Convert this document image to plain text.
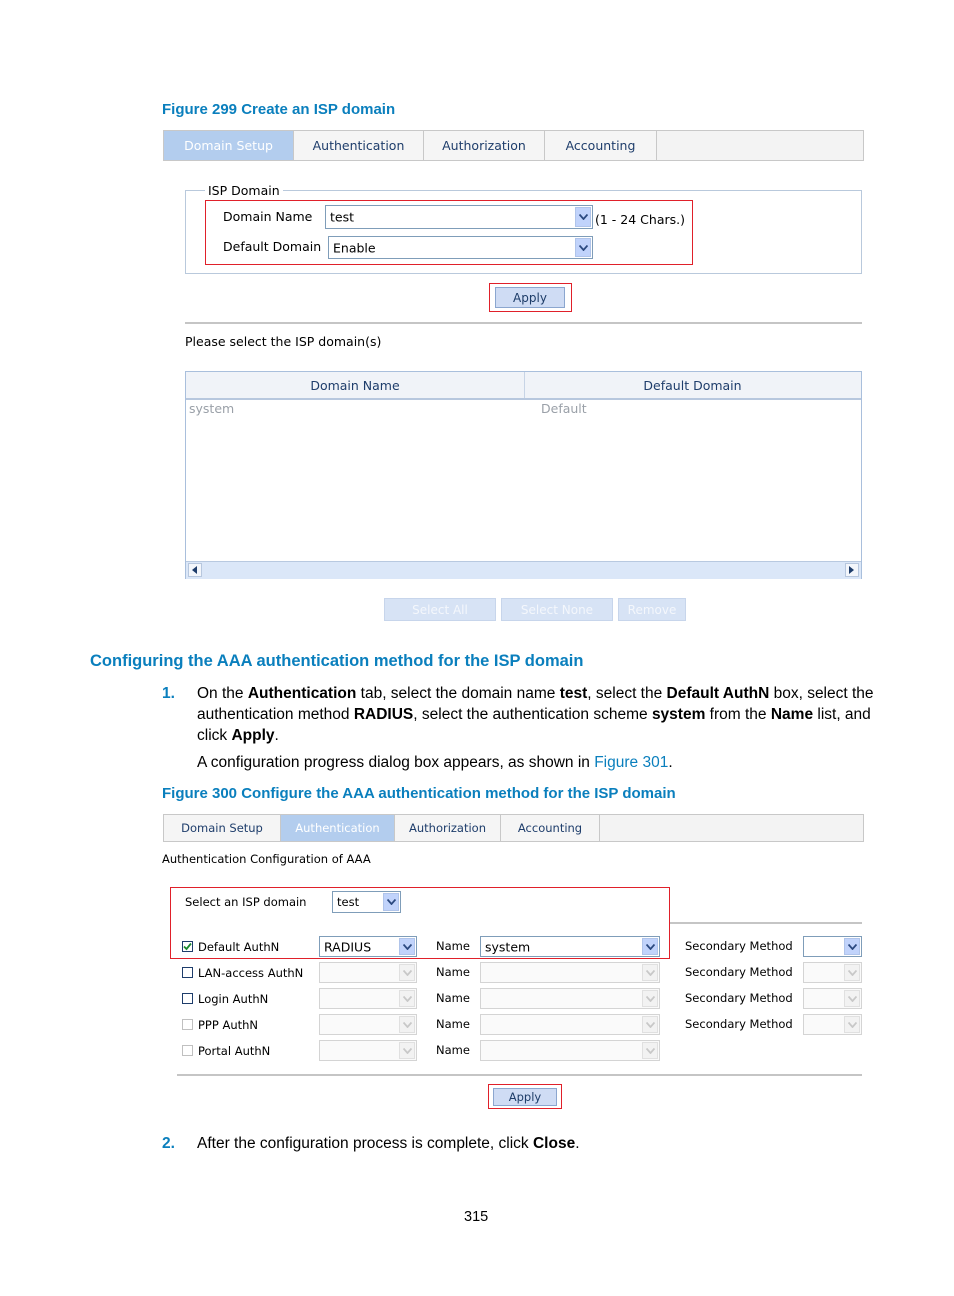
Figure 299 Create an ISP domain
Domain Setup	Authentication	Authorization	Accounting
ISP Domain
Domain Name test	(1 - 24 Chars.)
Default Domain Enable
Apply
Please select the ISP domain(s)
Domain Name	Default Domain
system	Default
Select All	Select None	Remove
Configuring the AAA authentication method for the ISP domain
1. On the Authentication tab, select the domain name test, select the Default AuthN box, select the
authentication method RADIUS, select the authentication scheme system from the Name list, and
click Apply.
A configuration progress dialog box appears, as shown in Figure 301.
Figure 300 Configure the AAA authentication method for the ISP domain
Domain Setup	Authentication	Authorization	Accounting
Authentication Configuration of AAA
Select an ISP domain	test
Default AuthN	RADIUS	Name system	Secondary Method
LAN-access AuthN	Name	Secondary Method
Login AuthN	Name	Secondary Method
PPP AuthN	Name	Secondary Method
Portal AuthN	Name
Apply
2. After the configuration process is complete, click Close.
315
